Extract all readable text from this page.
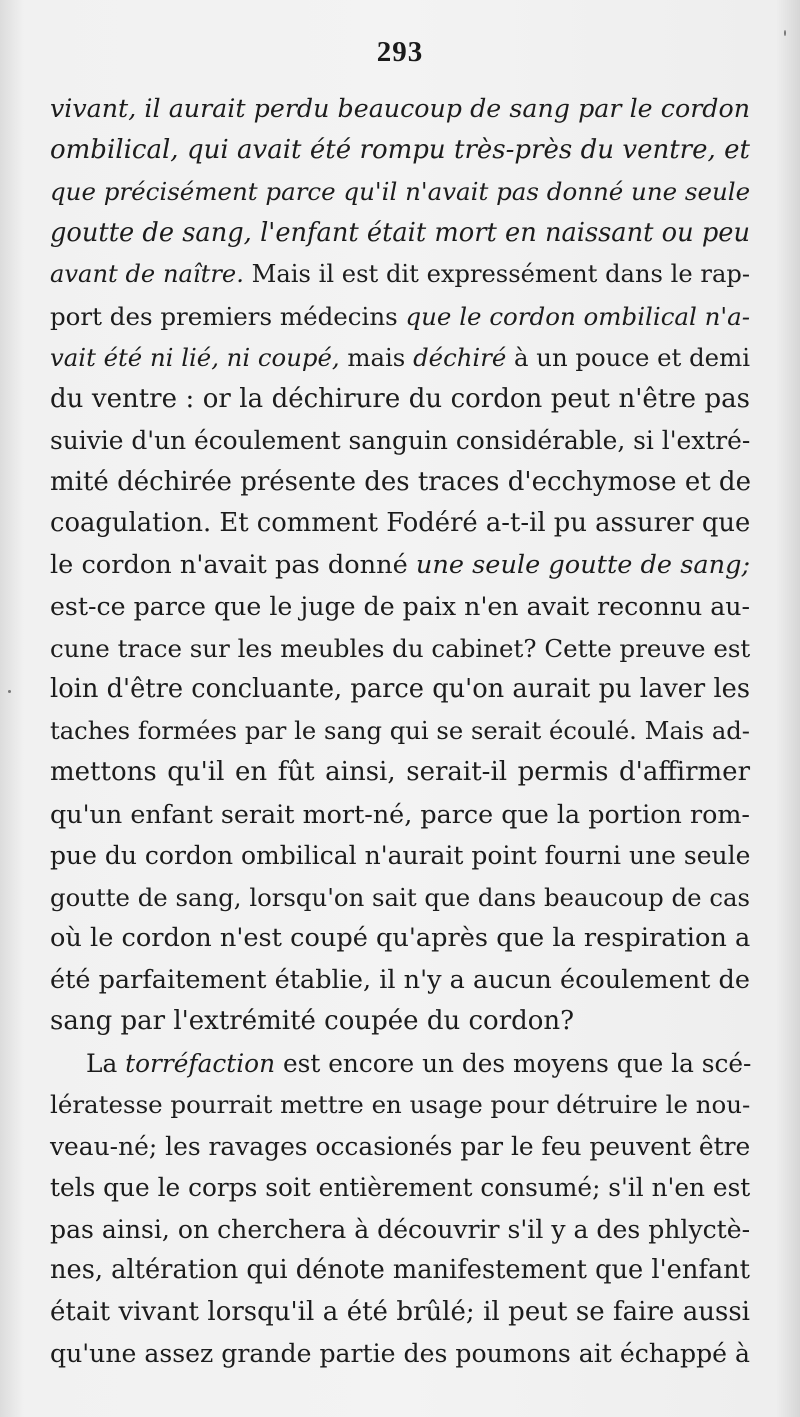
293
vivant, il aurait perdu beaucoup de sang par le cordon
ombilical, qui avait été rompu très-près du ventre, et
que précisément parce qu'il n'avait pas donné une seule
goutte de sang, l'enfant était mort en naissant ou peu
avant de naître. Mais il est dit expressément dans le rap-
port des premiers médecins que le cordon ombilical n'a-
vait été ni lié, ni coupé, mais déchiré à un pouce et demi
du ventre : or la déchirure du cordon peut n'être pas
suivie d'un écoulement sanguin considérable, si l'extré-
mité déchirée présente des traces d'ecchymose et de
coagulation. Et comment Fodéré a-t-il pu assurer que
le cordon n'avait pas donné une seule goutte de sang;
est-ce parce que le juge de paix n'en avait reconnu au-
cune trace sur les meubles du cabinet? Cette preuve est
loin d'être concluante, parce qu'on aurait pu laver les
taches formées par le sang qui se serait écoulé. Mais ad-
mettons qu'il en fût ainsi, serait-il permis d'affirmer
qu'un enfant serait mort-né, parce que la portion rom-
pue du cordon ombilical n'aurait point fourni une seule
goutte de sang, lorsqu'on sait que dans beaucoup de cas
où le cordon n'est coupé qu'après que la respiration a
été parfaitement établie, il n'y a aucun écoulement de
sang par l'extrémité coupée du cordon?
La torréfaction est encore un des moyens que la scé-
lératesse pourrait mettre en usage pour détruire le nou-
veau-né; les ravages occasionés par le feu peuvent être
tels que le corps soit entièrement consumé; s'il n'en est
pas ainsi, on cherchera à découvrir s'il y a des phlyctè-
nes, altération qui dénote manifestement que l'enfant
était vivant lorsqu'il a été brûlé; il peut se faire aussi
qu'une assez grande partie des poumons ait échappé à
